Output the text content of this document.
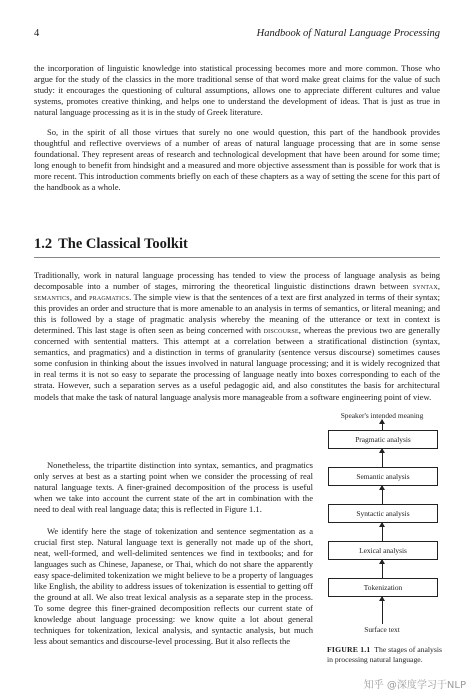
4	Handbook of Natural Language Processing

the incorporation of linguistic knowledge into statistical processing becomes more and more common. Those who argue for the study of the classics in the more traditional sense of that word make great claims for the value of such study: it encourages the questioning of cultural assumptions, allows one to appreciate different cultures and value systems, promotes creative thinking, and helps one to understand the development of ideas. That is just as true in natural language processing as it is in the study of Greek literature.

So, in the spirit of all those virtues that surely no one would question, this part of the handbook provides thoughtful and reflective overviews of a number of areas of natural language processing that are in some sense foundational. They represent areas of research and technological development that have been around for some time; long enough to benefit from hindsight and a measured and more objective assessment than is possible for work that is more recent. This introduction comments briefly on each of these chapters as a way of setting the scene for this part of the handbook as a whole.

1.2 The Classical Toolkit

Traditionally, work in natural language processing has tended to view the process of language analysis as being decomposable into a number of stages, mirroring the theoretical linguistic distinctions drawn between syntax, semantics, and pragmatics. The simple view is that the sentences of a text are first analyzed in terms of their syntax; this provides an order and structure that is more amenable to an analysis in terms of semantics, or literal meaning; and this is followed by a stage of pragmatic analysis whereby the meaning of the utterance or text in context is determined. This last stage is often seen as being concerned with discourse, whereas the previous two are generally concerned with sentential matters. This attempt at a correlation between a stratificational distinction (syntax, semantics, and pragmatics) and a distinction in terms of granularity (sentence versus discourse) sometimes causes some confusion in thinking about the issues involved in natural language processing; and it is widely recognized that in real terms it is not so easy to separate the processing of language neatly into boxes corresponding to each of the strata. However, such a separation serves as a useful pedagogic aid, and also constitutes the basis for architectural models that make the task of natural language analysis more manageable from a software engineering point of view.

Nonetheless, the tripartite distinction into syntax, semantics, and pragmatics only serves at best as a starting point when we consider the processing of real natural language texts. A finer-grained decomposition of the process is useful when we take into account the current state of the art in combination with the need to deal with real language data; this is reflected in Figure 1.1.

We identify here the stage of tokenization and sentence segmentation as a crucial first step. Natural language text is generally not made up of the short, neat, well-formed, and well-delimited sentences we find in textbooks; and for languages such as Chinese, Japanese, or Thai, which do not share the apparently easy space-delimited tokenization we might believe to be a property of languages like English, the ability to address issues of tokenization is essential to getting off the ground at all. We also treat lexical analysis as a separate step in the process. To some degree this finer-grained decomposition reflects our current state of knowledge about language processing: we know quite a lot about general techniques for tokenization, lexical analysis, and syntactic analysis, but much less about semantics and discourse-level processing. But it also reflects the

Speaker's intended meaning
Pragmatic analysis
Semantic analysis
Syntactic analysis
Lexical analysis
Tokenization
Surface text

FIGURE 1.1 The stages of analysis in processing natural language.

知乎 @深度学习于NLP
